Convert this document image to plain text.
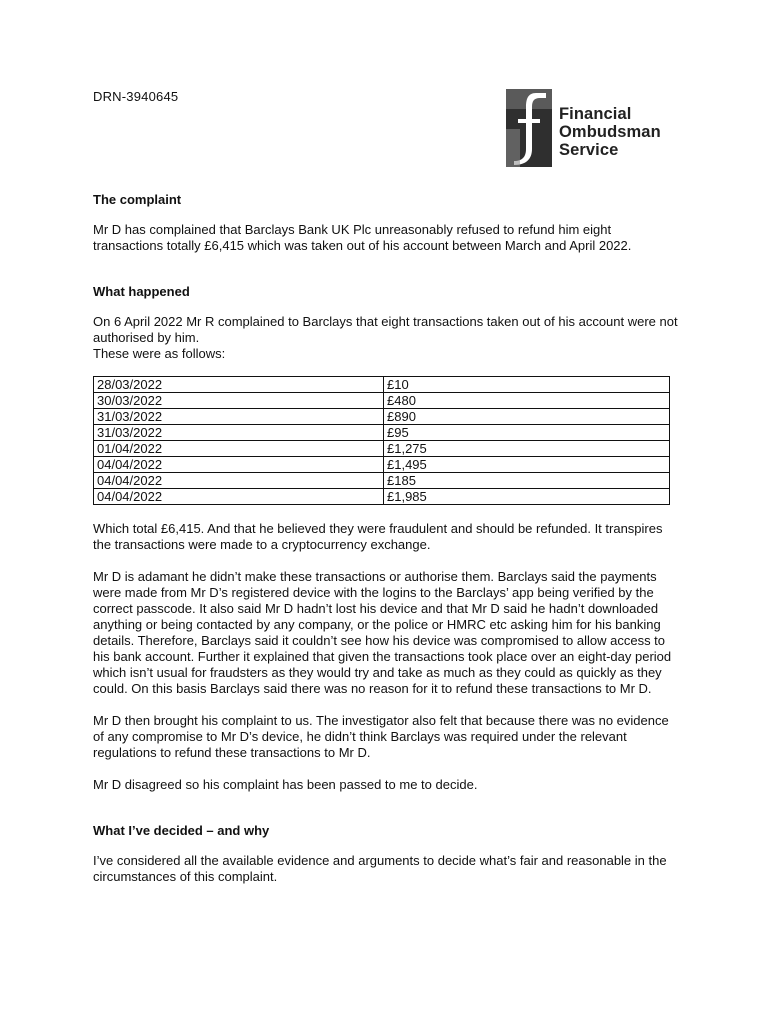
DRN-3940645
Financial
Ombudsman
Service
The complaint

Mr D has complained that Barclays Bank UK Plc unreasonably refused to refund him eight transactions totally £6,415 which was taken out of his account between March and April 2022.

What happened

On 6 April 2022 Mr R complained to Barclays that eight transactions taken out of his account were not authorised by him.

These were as follows:

28/03/2022	£10
30/03/2022	£480
31/03/2022	£890
31/03/2022	£95
01/04/2022	£1,275
04/04/2022	£1,495
04/04/2022	£185
04/04/2022	£1,985

Which total £6,415. And that he believed they were fraudulent and should be refunded. It transpires the transactions were made to a cryptocurrency exchange.

Mr D is adamant he didn’t make these transactions or authorise them. Barclays said the payments were made from Mr D’s registered device with the logins to the Barclays’ app being verified by the correct passcode. It also said Mr D hadn’t lost his device and that Mr D said he hadn’t downloaded anything or being contacted by any company, or the police or HMRC etc asking him for his banking details. Therefore, Barclays said it couldn’t see how his device was compromised to allow access to his bank account. Further it explained that given the transactions took place over an eight-day period which isn’t usual for fraudsters as they would try and take as much as they could as quickly as they could. On this basis Barclays said there was no reason for it to refund these transactions to Mr D.

Mr D then brought his complaint to us. The investigator also felt that because there was no evidence of any compromise to Mr D’s device, he didn’t think Barclays was required under the relevant regulations to refund these transactions to Mr D.

Mr D disagreed so his complaint has been passed to me to decide.

What I’ve decided – and why

I’ve considered all the available evidence and arguments to decide what’s fair and reasonable in the circumstances of this complaint.
